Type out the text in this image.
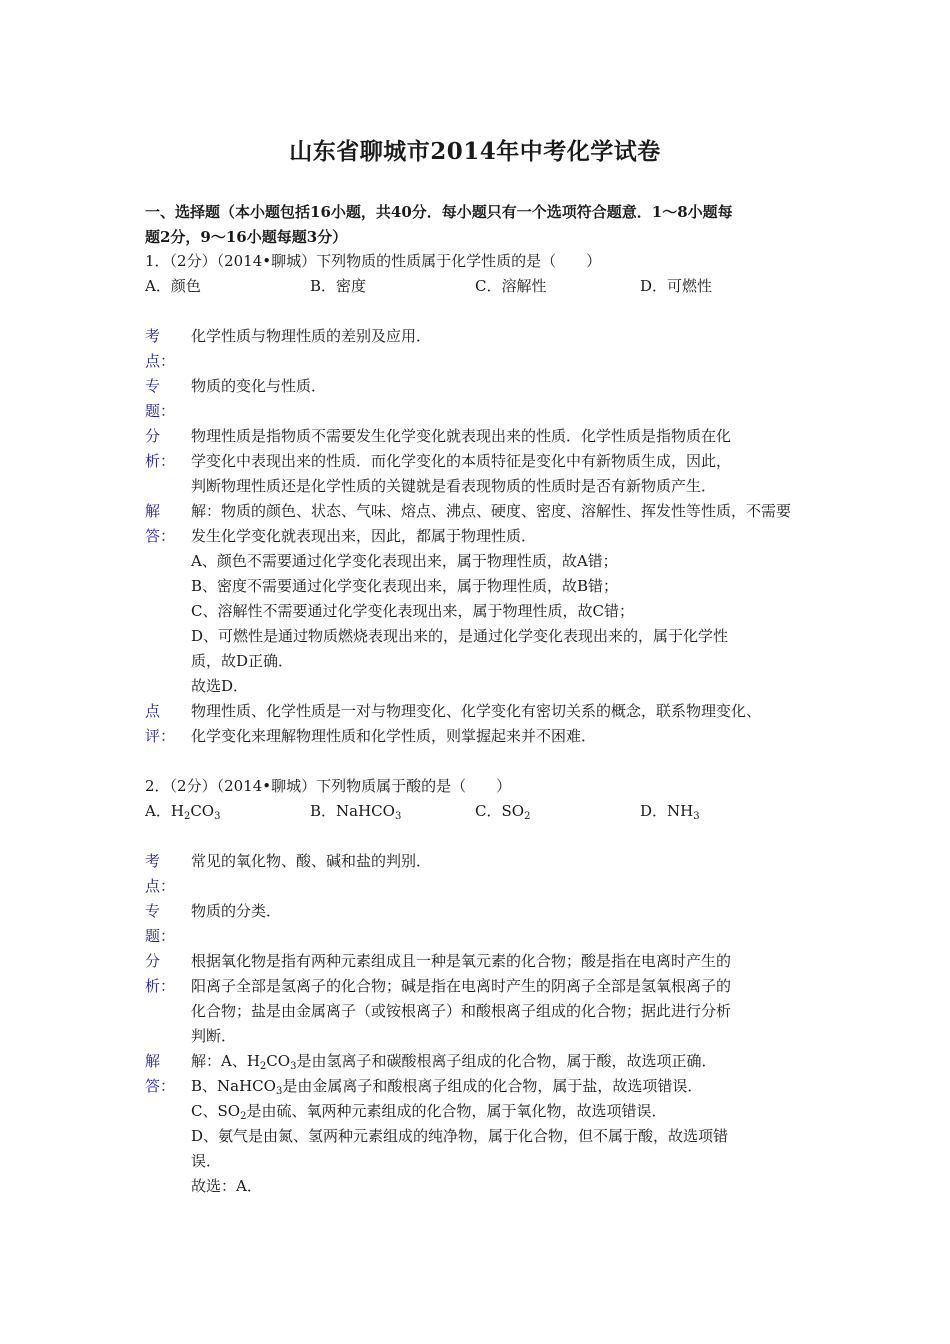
山东省聊城市2014年中考化学试卷
一、选择题（本小题包括16小题，共40分．每小题只有一个选项符合题意．1～8小题每
题2分，9～16小题每题3分）
1．（2分）（2014•聊城）下列物质的性质属于化学性质的是（　　）
A．颜色	B．密度	C．溶解性	D．可燃性
考
点：
化学性质与物理性质的差别及应用．
专
题：
物质的变化与性质．
分
析：
物理性质是指物质不需要发生化学变化就表现出来的性质．化学性质是指物质在化
学变化中表现出来的性质．而化学变化的本质特征是变化中有新物质生成，因此，
判断物理性质还是化学性质的关键就是看表现物质的性质时是否有新物质产生．
解
答：
解：物质的颜色、状态、气味、熔点、沸点、硬度、密度、溶解性、挥发性等性质，不需要
发生化学变化就表现出来，因此，都属于物理性质．
A、颜色不需要通过化学变化表现出来，属于物理性质，故A错；
B、密度不需要通过化学变化表现出来，属于物理性质，故B错；
C、溶解性不需要通过化学变化表现出来，属于物理性质，故C错；
D、可燃性是通过物质燃烧表现出来的，是通过化学变化表现出来的，属于化学性
质，故D正确．
故选D．
点
评：
物理性质、化学性质是一对与物理变化、化学变化有密切关系的概念，联系物理变化、
化学变化来理解物理性质和化学性质，则掌握起来并不困难．
2．（2分）（2014•聊城）下列物质属于酸的是（　　）
A．$H_2CO_3$	B．NaHCO$_3$	C．$SO_2$	D．$NH_3$
考
点：
常见的氧化物、酸、碱和盐的判别．
专
题：
物质的分类．
分
析：
根据氧化物是指有两种元素组成且一种是氧元素的化合物；酸是指在电离时产生的
阳离子全部是氢离子的化合物；碱是指在电离时产生的阴离子全部是氢氧根离子的
化合物；盐是由金属离子（或铵根离子）和酸根离子组成的化合物；据此进行分析
判断．
解
答：
解：A、$H_2CO_3$是由氢离子和碳酸根离子组成的化合物，属于酸，故选项正确．
B、NaHCO$_3$是由金属离子和酸根离子组成的化合物，属于盐，故选项错误．
C、$SO_2$是由硫、氧两种元素组成的化合物，属于氧化物，故选项错误．
D、氨气是由氮、氢两种元素组成的纯净物，属于化合物，但不属于酸，故选项错
误．
故选：A．
